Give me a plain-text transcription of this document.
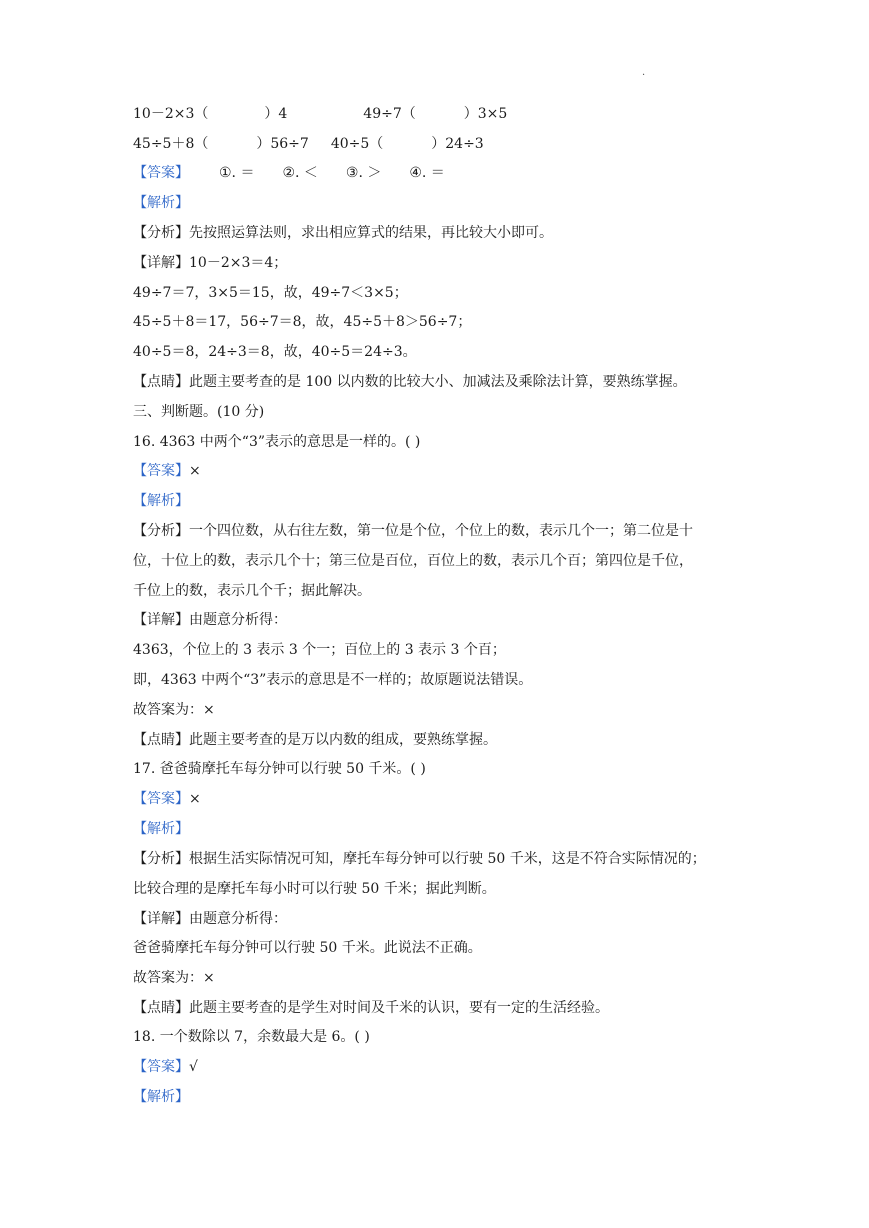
·
10－2×3（	）4	49÷7（	）3×5
45÷5＋8（	）56÷7 40÷5（	）24÷3
【答案】 ①. ＝ ②. ＜ ③. ＞ ④. ＝
【解析】
【分析】先按照运算法则，求出相应算式的结果，再比较大小即可。
【详解】10－2×3＝4；
49÷7＝7，3×5＝15，故，49÷7＜3×5；
45÷5＋8＝17，56÷7＝8，故，45÷5＋8＞56÷7；
40÷5＝8，24÷3＝8，故，40÷5＝24÷3。
【点睛】此题主要考查的是 100 以内数的比较大小、加减法及乘除法计算，要熟练掌握。
三、判断题。(10 分)
16. 4363 中两个“3”表示的意思是一样的。( )
【答案】×
【解析】
【分析】一个四位数，从右往左数，第一位是个位，个位上的数，表示几个一；第二位是十
位，十位上的数，表示几个十；第三位是百位，百位上的数，表示几个百；第四位是千位，
千位上的数，表示几个千；据此解决。
【详解】由题意分析得：
4363，个位上的 3 表示 3 个一；百位上的 3 表示 3 个百；
即，4363 中两个“3”表示的意思是不一样的；故原题说法错误。
故答案为：×
【点睛】此题主要考查的是万以内数的组成，要熟练掌握。
17. 爸爸骑摩托车每分钟可以行驶 50 千米。( )
【答案】×
【解析】
【分析】根据生活实际情况可知，摩托车每分钟可以行驶 50 千米，这是不符合实际情况的；
比较合理的是摩托车每小时可以行驶 50 千米；据此判断。
【详解】由题意分析得：
爸爸骑摩托车每分钟可以行驶 50 千米。此说法不正确。
故答案为：×
【点睛】此题主要考查的是学生对时间及千米的认识，要有一定的生活经验。
18. 一个数除以 7，余数最大是 6。( )
【答案】√
【解析】
